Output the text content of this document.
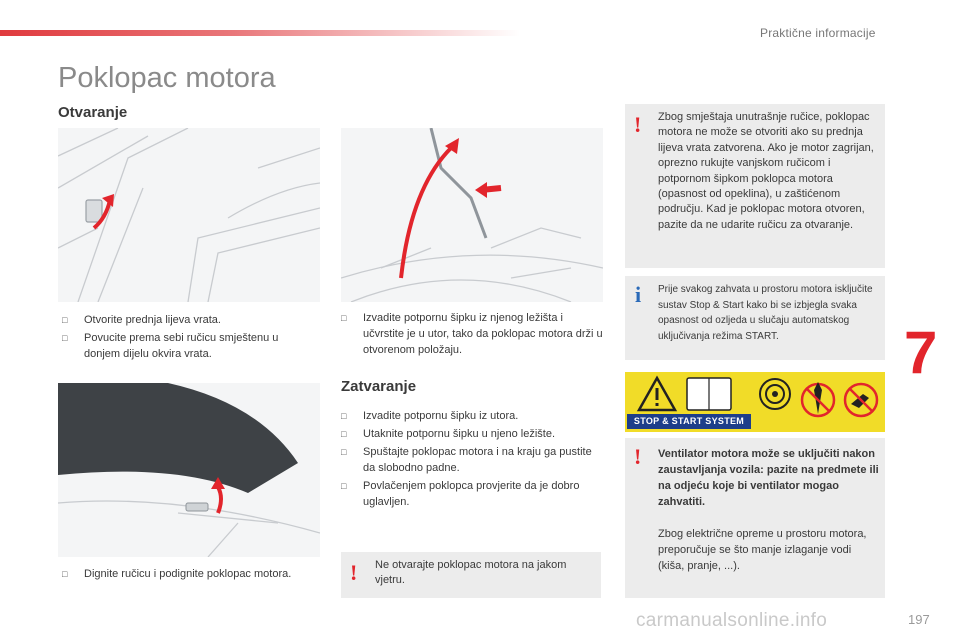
Praktične informacije
Poklopac motora
Otvaranje
□ Otvorite prednja lijeva vrata.
□ Povucite prema sebi ručicu smještenu u donjem dijelu okvira vrata.
□ Izvadite potpornu šipku iz njenog ležišta i učvrstite je u utor, tako da poklopac motora drži u otvorenom položaju.
Zatvaranje
□ Izvadite potpornu šipku iz utora.
□ Utaknite potpornu šipku u njeno ležište.
□ Spuštajte poklopac motora i na kraju ga pustite da slobodno padne.
□ Povlačenjem poklopca provjerite da je dobro uglavljen.
□ Dignite ručicu i podignite poklopac motora.	! Ne otvarajte poklopac motora na jakom vjetru.
! Zbog smještaja unutrašnje ručice, poklopac motora ne može se otvoriti ako su prednja lijeva vrata zatvorena. Ako je motor zagrijan, oprezno rukujte vanjskom ručicom i potpornom šipkom poklopca motora (opasnost od opeklina), u zaštićenom području. Kad je poklopac motora otvoren, pazite da ne udarite ručicu za otvaranje.
i Prije svakog zahvata u prostoru motora isključite sustav Stop & Start kako bi se izbjegla svaka opasnost od ozljeda u slučaju automatskog uključivanja režima START.
STOP & START SYSTEM
! Ventilator motora može se uključiti nakon zaustavljanja vozila: pazite na predmete ili na odjeću koje bi ventilator mogao zahvatiti.
Zbog električne opreme u prostoru motora, preporučuje se što manje izlaganje vodi (kiša, pranje, ...).
7
carmanualsonline.info	197
